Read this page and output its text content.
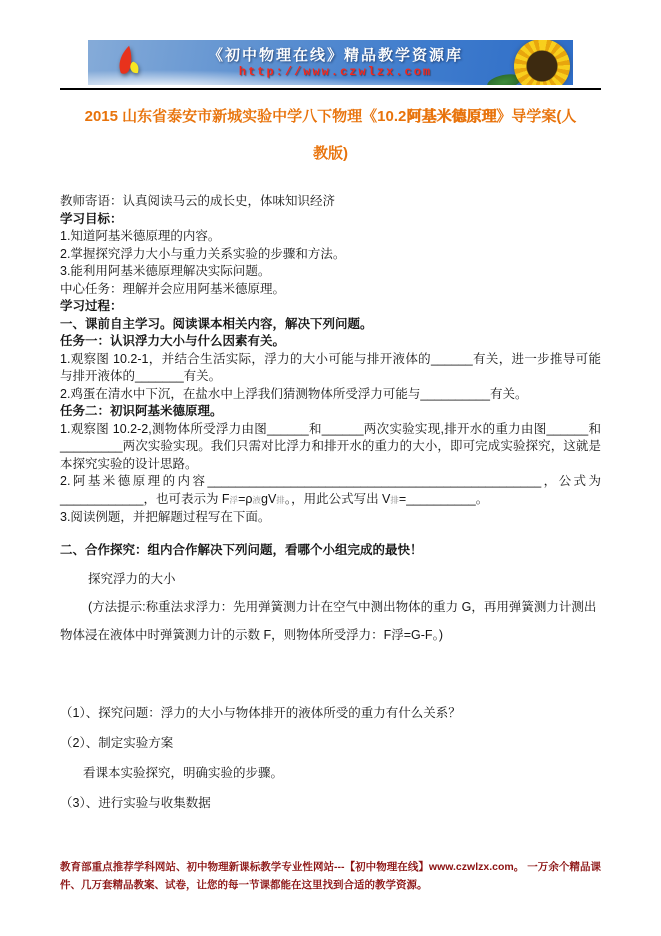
《初中物理在线》精品教学资源库
http://www.czwlzx.com
2015 山东省泰安市新城实验中学八下物理《10.2阿基米德原理》导学案(人
教版)
教师寄语：认真阅读马云的成长史，体味知识经济
学习目标：
1.知道阿基米德原理的内容。
2.掌握探究浮力大小与重力关系实验的步骤和方法。
3.能利用阿基米德原理解决实际问题。
中心任务：理解并会应用阿基米德原理。
学习过程：
一、课前自主学习。阅读课本相关内容，解决下列问题。
任务一：认识浮力大小与什么因素有关。
1.观察图 10.2-1，并结合生活实际，浮力的大小可能与排开液体的______有关，进一步推导可能与排开液体的_______有关。
2.鸡蛋在清水中下沉，在盐水中上浮我们猜测物体所受浮力可能与__________有关。
任务二：初识阿基米德原理。
1.观察图 10.2-2,测物体所受浮力由图______和______两次实验实现,排开水的重力由图______和_________两次实验实现。我们只需对比浮力和排开水的重力的大小，即可完成实验探究，这就是本探究实验的设计思路。
2.阿基米德原理的内容________________________________________________，公式为____________，也可表示为 F浮=ρ液gV排。，用此公式写出 V排=__________。
3.阅读例题，并把解题过程写在下面。
二、合作探究：组内合作解决下列问题，看哪个小组完成的最快！
探究浮力的大小
(方法提示:称重法求浮力：先用弹簧测力计在空气中测出物体的重力 G，再用弹簧测力计测出物体浸在液体中时弹簧测力计的示数 F，则物体所受浮力：F浮=G-F。)
（1）、探究问题：浮力的大小与物体排开的液体所受的重力有什么关系？
（2）、制定实验方案
看课本实验探究，明确实验的步骤。
（3）、进行实验与收集数据
教育部重点推荐学科网站、初中物理新课标教学专业性网站---【初中物理在线】www.czwlzx.com。 一万余个精品课件、几万套精品教案、试卷，让您的每一节课都能在这里找到合适的教学资源。
